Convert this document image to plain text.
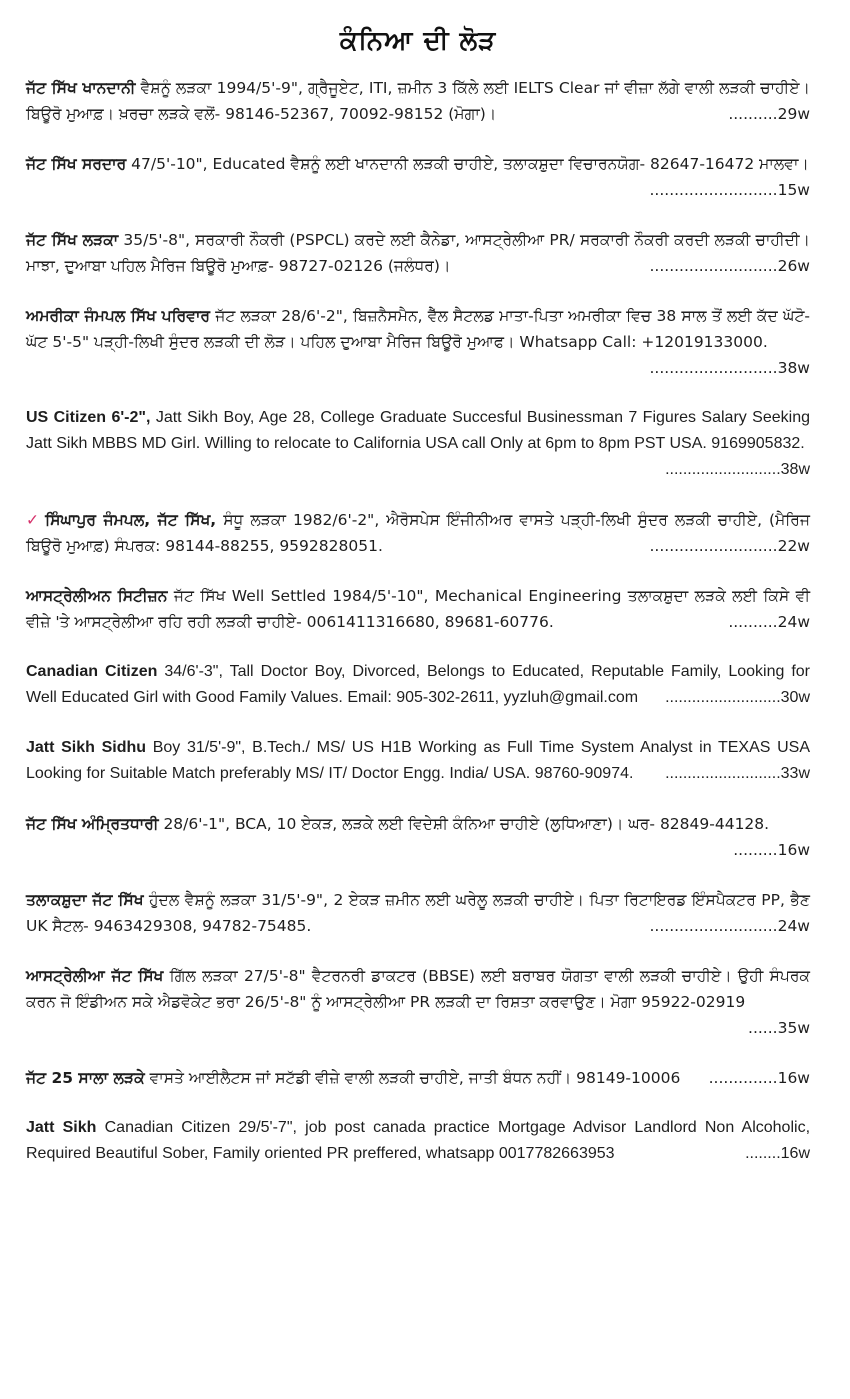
ਕੰਨਿਆ ਦੀ ਲੋੜ
ਜੱਟ ਸਿੱਖ ਖਾਨਦਾਨੀ ਵੈਸ਼ਨੂੰ ਲੜਕਾ 1994/5'-9", ਗ੍ਰੈਜੂਏਟ, ITI, ਜ਼ਮੀਨ 3 ਕਿੱਲੇ ਲਈ IELTS Clear ਜਾਂ ਵੀਜ਼ਾ ਲੱਗੇ ਵਾਲੀ ਲੜਕੀ ਚਾਹੀਏ। ਬਿਊਰੋ ਮੁਆਫ਼। ਖ਼ਰਚਾ ਲੜਕੇ ਵਲੋਂ- 98146-52367, 70092-98152 (ਮੋਗਾ)।	..........29w
ਜੱਟ ਸਿੱਖ ਸਰਦਾਰ 47/5'-10", Educated ਵੈਸ਼ਨੂੰ ਲਈ ਖਾਨਦਾਨੀ ਲੜਕੀ ਚਾਹੀਏ, ਤਲਾਕਸ਼ੁਦਾ ਵਿਚਾਰਨਯੋਗ- 82647-16472 ਮਾਲਵਾ।
..........................15w
ਜੱਟ ਸਿੱਖ ਲੜਕਾ 35/5'-8", ਸਰਕਾਰੀ ਨੌਕਰੀ (PSPCL) ਕਰਦੇ ਲਈ ਕੈਨੇਡਾ, ਆਸਟ੍ਰੇਲੀਆ PR/ ਸਰਕਾਰੀ ਨੌਕਰੀ ਕਰਦੀ ਲੜਕੀ ਚਾਹੀਦੀ। ਮਾਝਾ, ਦੁਆਬਾ ਪਹਿਲ ਮੈਰਿਜ ਬਿਊਰੋ ਮੁਆਫ਼- 98727-02126 (ਜਲੰਧਰ)।	..........................26w
ਅਮਰੀਕਾ ਜੰਮਪਲ ਸਿੱਖ ਪਰਿਵਾਰ ਜੱਟ ਲੜਕਾ 28/6'-2", ਬਿਜ਼ਨੈਸਮੈਨ, ਵੈੱਲ ਸੈਟਲਡ ਮਾਤਾ-ਪਿਤਾ ਅਮਰੀਕਾ ਵਿਚ 38 ਸਾਲ ਤੋਂ ਲਈ ਕੱਦ ਘੱਟੋ-ਘੱਟ 5'-5" ਪੜ੍ਹੀ-ਲਿਖੀ ਸੁੰਦਰ ਲੜਕੀ ਦੀ ਲੋੜ। ਪਹਿਲ ਦੁਆਬਾ ਮੈਰਿਜ ਬਿਊਰੋ ਮੁਆਫ। Whatsapp Call: +12019133000.
..........................38w
US Citizen 6'-2", Jatt Sikh Boy, Age 28, College Graduate Succesful Businessman 7 Figures Salary Seeking Jatt Sikh MBBS MD Girl. Willing to relocate to California USA call Only at 6pm to 8pm PST USA. 9169905832.
..........................38w
✓ ਸਿੰਘਾਪੁਰ ਜੰਮਪਲ, ਜੱਟ ਸਿੱਖ, ਸੰਧੂ ਲੜਕਾ 1982/6'-2", ਐਰੋਸਪੇਸ ਇੰਜੀਨੀਅਰ ਵਾਸਤੇ ਪੜ੍ਹੀ-ਲਿਖੀ ਸੁੰਦਰ ਲੜਕੀ ਚਾਹੀਏ, (ਮੈਰਿਜ ਬਿਊਰੋ ਮੁਆਫ਼) ਸੰਪਰਕ: 98144-88255, 9592828051.	..........................22w
ਆਸਟ੍ਰੇਲੀਅਨ ਸਿਟੀਜ਼ਨ ਜੱਟ ਸਿੱਖ Well Settled 1984/5'-10", Mechanical Engineering ਤਲਾਕਸ਼ੁਦਾ ਲੜਕੇ ਲਈ ਕਿਸੇ ਵੀ ਵੀਜ਼ੇ 'ਤੇ ਆਸਟ੍ਰੇਲੀਆ ਰਹਿ ਰਹੀ ਲੜਕੀ ਚਾਹੀਏ- 0061411316680, 89681-60776.	..........24w
Canadian Citizen 34/6'-3", Tall Doctor Boy, Divorced, Belongs to Educated, Reputable Family, Looking for Well Educated Girl with Good Family Values. Email: 905-302-2611, yyzluh@gmail.com	..........................30w
Jatt Sikh Sidhu Boy 31/5'-9", B.Tech./ MS/ US H1B Working as Full Time System Analyst in TEXAS USA Looking for Suitable Match preferably MS/ IT/ Doctor Engg. India/ USA. 98760-90974.	..........................33w
ਜੱਟ ਸਿੱਖ ਅੰਮ੍ਰਿਤਧਾਰੀ 28/6'-1", BCA, 10 ਏਕੜ, ਲੜਕੇ ਲਈ ਵਿਦੇਸ਼ੀ ਕੰਨਿਆ ਚਾਹੀਏ (ਲੁਧਿਆਣਾ)। ਘਰ- 82849-44128.
.........16w
ਤਲਾਕਸ਼ੁਦਾ ਜੱਟ ਸਿੱਖ ਹੁੰਦਲ ਵੈਸ਼ਨੂੰ ਲੜਕਾ 31/5'-9", 2 ਏਕੜ ਜ਼ਮੀਨ ਲਈ ਘਰੇਲੂ ਲੜਕੀ ਚਾਹੀਏ। ਪਿਤਾ ਰਿਟਾਇਰਡ ਇੰਸਪੈਕਟਰ PP, ਭੈਣ UK ਸੈਟਲ- 9463429308, 94782-75485.	..........................24w
ਆਸਟ੍ਰੇਲੀਆ ਜੱਟ ਸਿੱਖ ਗਿੱਲ ਲੜਕਾ 27/5'-8" ਵੈਟਰਨਰੀ ਡਾਕਟਰ (BBSE) ਲਈ ਬਰਾਬਰ ਯੋਗਤਾ ਵਾਲੀ ਲੜਕੀ ਚਾਹੀਏ। ਉਹੀ ਸੰਪਰਕ ਕਰਨ ਜੋ ਇੰਡੀਅਨ ਸਕੇ ਐਡਵੋਕੇਟ ਭਰਾ 26/5'-8" ਨੂੰ ਆਸਟ੍ਰੇਲੀਆ PR ਲੜਕੀ ਦਾ ਰਿਸ਼ਤਾ ਕਰਵਾਉਣ। ਮੋਗਾ 95922-02919
......35w
ਜੱਟ 25 ਸਾਲਾ ਲੜਕੇ ਵਾਸਤੇ ਆਈਲੈਟਸ ਜਾਂ ਸਟੱਡੀ ਵੀਜ਼ੇ ਵਾਲੀ ਲੜਕੀ ਚਾਹੀਏ, ਜਾਤੀ ਬੰਧਨ ਨਹੀਂ। 98149-10006	..............16w
Jatt Sikh Canadian Citizen 29/5'-7", job post canada practice Mortgage Advisor Landlord Non Alcoholic, Required Beautiful Sober, Family oriented PR preffered, whatsapp 0017782663953	........16w
